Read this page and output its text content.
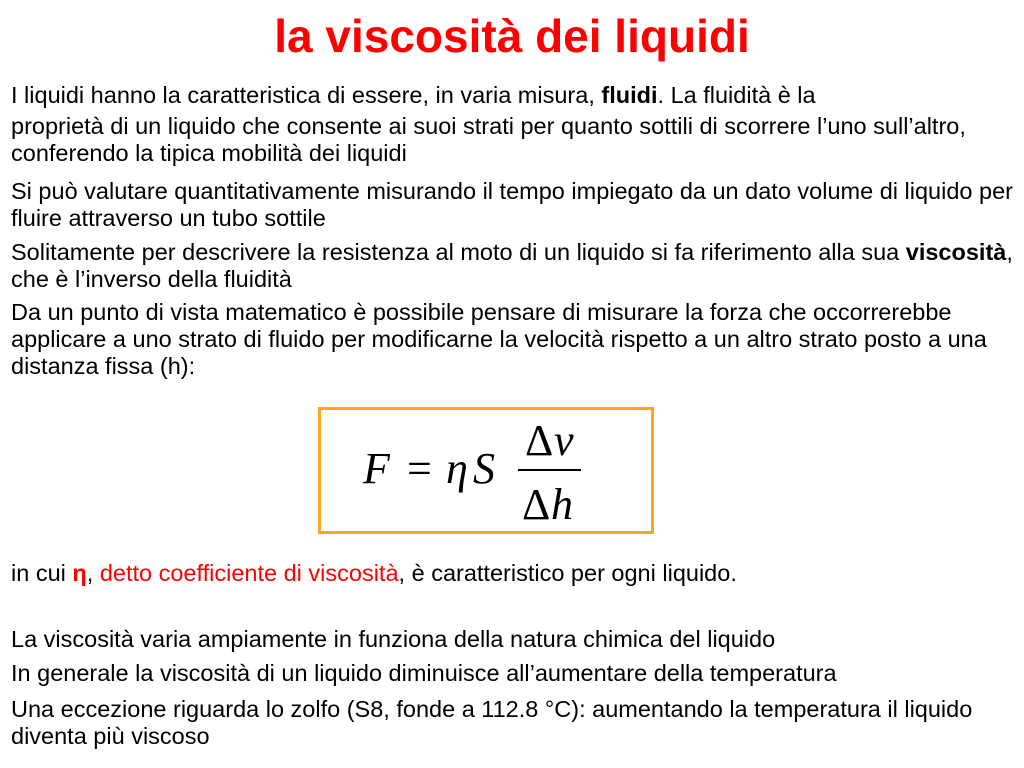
la viscosità dei liquidi
I liquidi hanno la caratteristica di essere, in varia misura, fluidi. La fluidità è la
proprietà di un liquido che consente ai suoi strati per quanto sottili di scorrere l’uno sull’altro, conferendo la tipica mobilità dei liquidi
Si può valutare quantitativamente misurando il tempo impiegato da un dato volume di liquido per fluire attraverso un tubo sottile
Solitamente per descrivere la resistenza al moto di un liquido si fa riferimento alla sua viscosità, che è l’inverso della fluidità
Da un punto di vista matematico è possibile pensare di misurare la forza che occorrerebbe applicare a uno strato di fluido per modificarne la velocità rispetto a un altro strato posto a una distanza fissa (h):
F = η S
Δ v
Δ h
in cui η, detto coefficiente di viscosità, è caratteristico per ogni liquido.
La viscosità varia ampiamente in funziona della natura chimica del liquido
In generale la viscosità di un liquido diminuisce all’aumentare della temperatura
Una eccezione riguarda lo zolfo (S8, fonde a 112.8 °C): aumentando la temperatura il liquido diventa più viscoso
